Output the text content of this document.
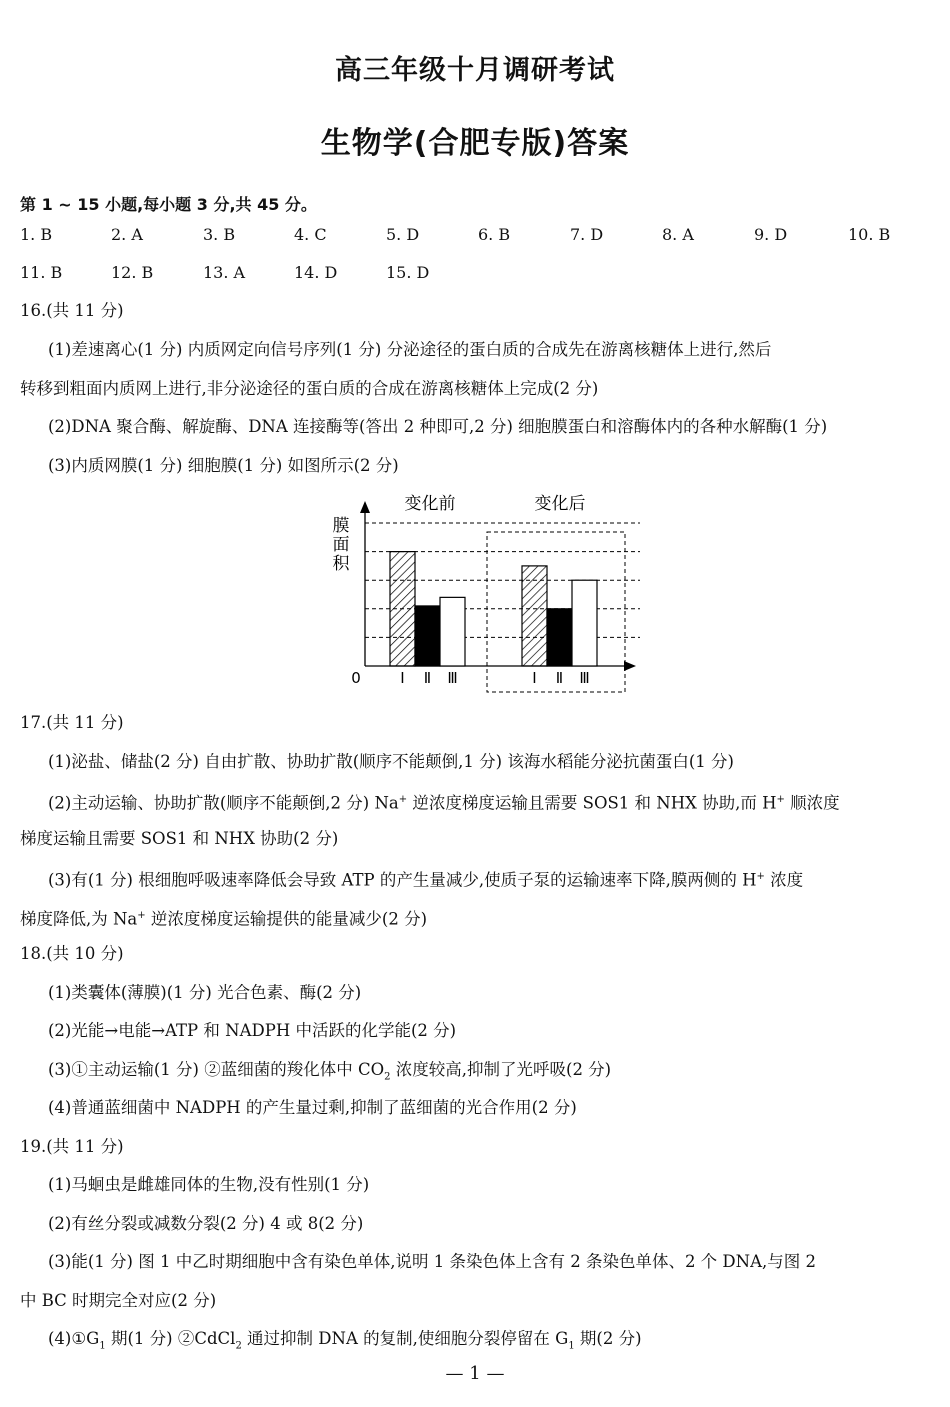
高三年级十月调研考试
生物学(合肥专版)答案
第 1 ~ 15 小题,每小题 3 分,共 45 分。
1. B	2. A	3. B	4. C	5. D	6. B	7. D	8. A	9. D	10. B
11. B	12. B	13. A	14. D	15. D
16.(共 11 分)
(1)差速离心(1 分) 内质网定向信号序列(1 分) 分泌途径的蛋白质的合成先在游离核糖体上进行,然后
转移到粗面内质网上进行,非分泌途径的蛋白质的合成在游离核糖体上完成(2 分)
(2)DNA 聚合酶、解旋酶、DNA 连接酶等(答出 2 种即可,2 分) 细胞膜蛋白和溶酶体内的各种水解酶(1 分)
(3)内质网膜(1 分) 细胞膜(1 分) 如图所示(2 分)
0
变化前	变化后
Ⅰ Ⅱ Ⅲ	Ⅰ Ⅱ Ⅲ
膜
面
积
17.(共 11 分)
(1)泌盐、储盐(2 分) 自由扩散、协助扩散(顺序不能颠倒,1 分) 该海水稻能分泌抗菌蛋白(1 分)
(2)主动运输、协助扩散(顺序不能颠倒,2 分) Na+ 逆浓度梯度运输且需要 SOS1 和 NHX 协助,而 H+ 顺浓度
梯度运输且需要 SOS1 和 NHX 协助(2 分)
(3)有(1 分) 根细胞呼吸速率降低会导致 ATP 的产生量减少,使质子泵的运输速率下降,膜两侧的 H+ 浓度
梯度降低,为 Na+ 逆浓度梯度运输提供的能量减少(2 分)
18.(共 10 分)
(1)类囊体(薄膜)(1 分) 光合色素、酶(2 分)
(2)光能→电能→ATP 和 NADPH 中活跃的化学能(2 分)
(3)①主动运输(1 分) ②蓝细菌的羧化体中 $CO_2$ 浓度较高,抑制了光呼吸(2 分)
(4)普通蓝细菌中 NADPH 的产生量过剩,抑制了蓝细菌的光合作用(2 分)
19.(共 11 分)
(1)马蛔虫是雌雄同体的生物,没有性别(1 分)
(2)有丝分裂或减数分裂(2 分) 4 或 8(2 分)
(3)能(1 分) 图 1 中乙时期细胞中含有染色单体,说明 1 条染色体上含有 2 条染色单体、2 个 DNA,与图 2
中 BC 时期完全对应(2 分)
$(4)①G_1$ 期(1 分) ②CdCl$_2$ 通过抑制 DNA 的复制,使细胞分裂停留在 $G_1$ 期(2 分)
— 1 —
